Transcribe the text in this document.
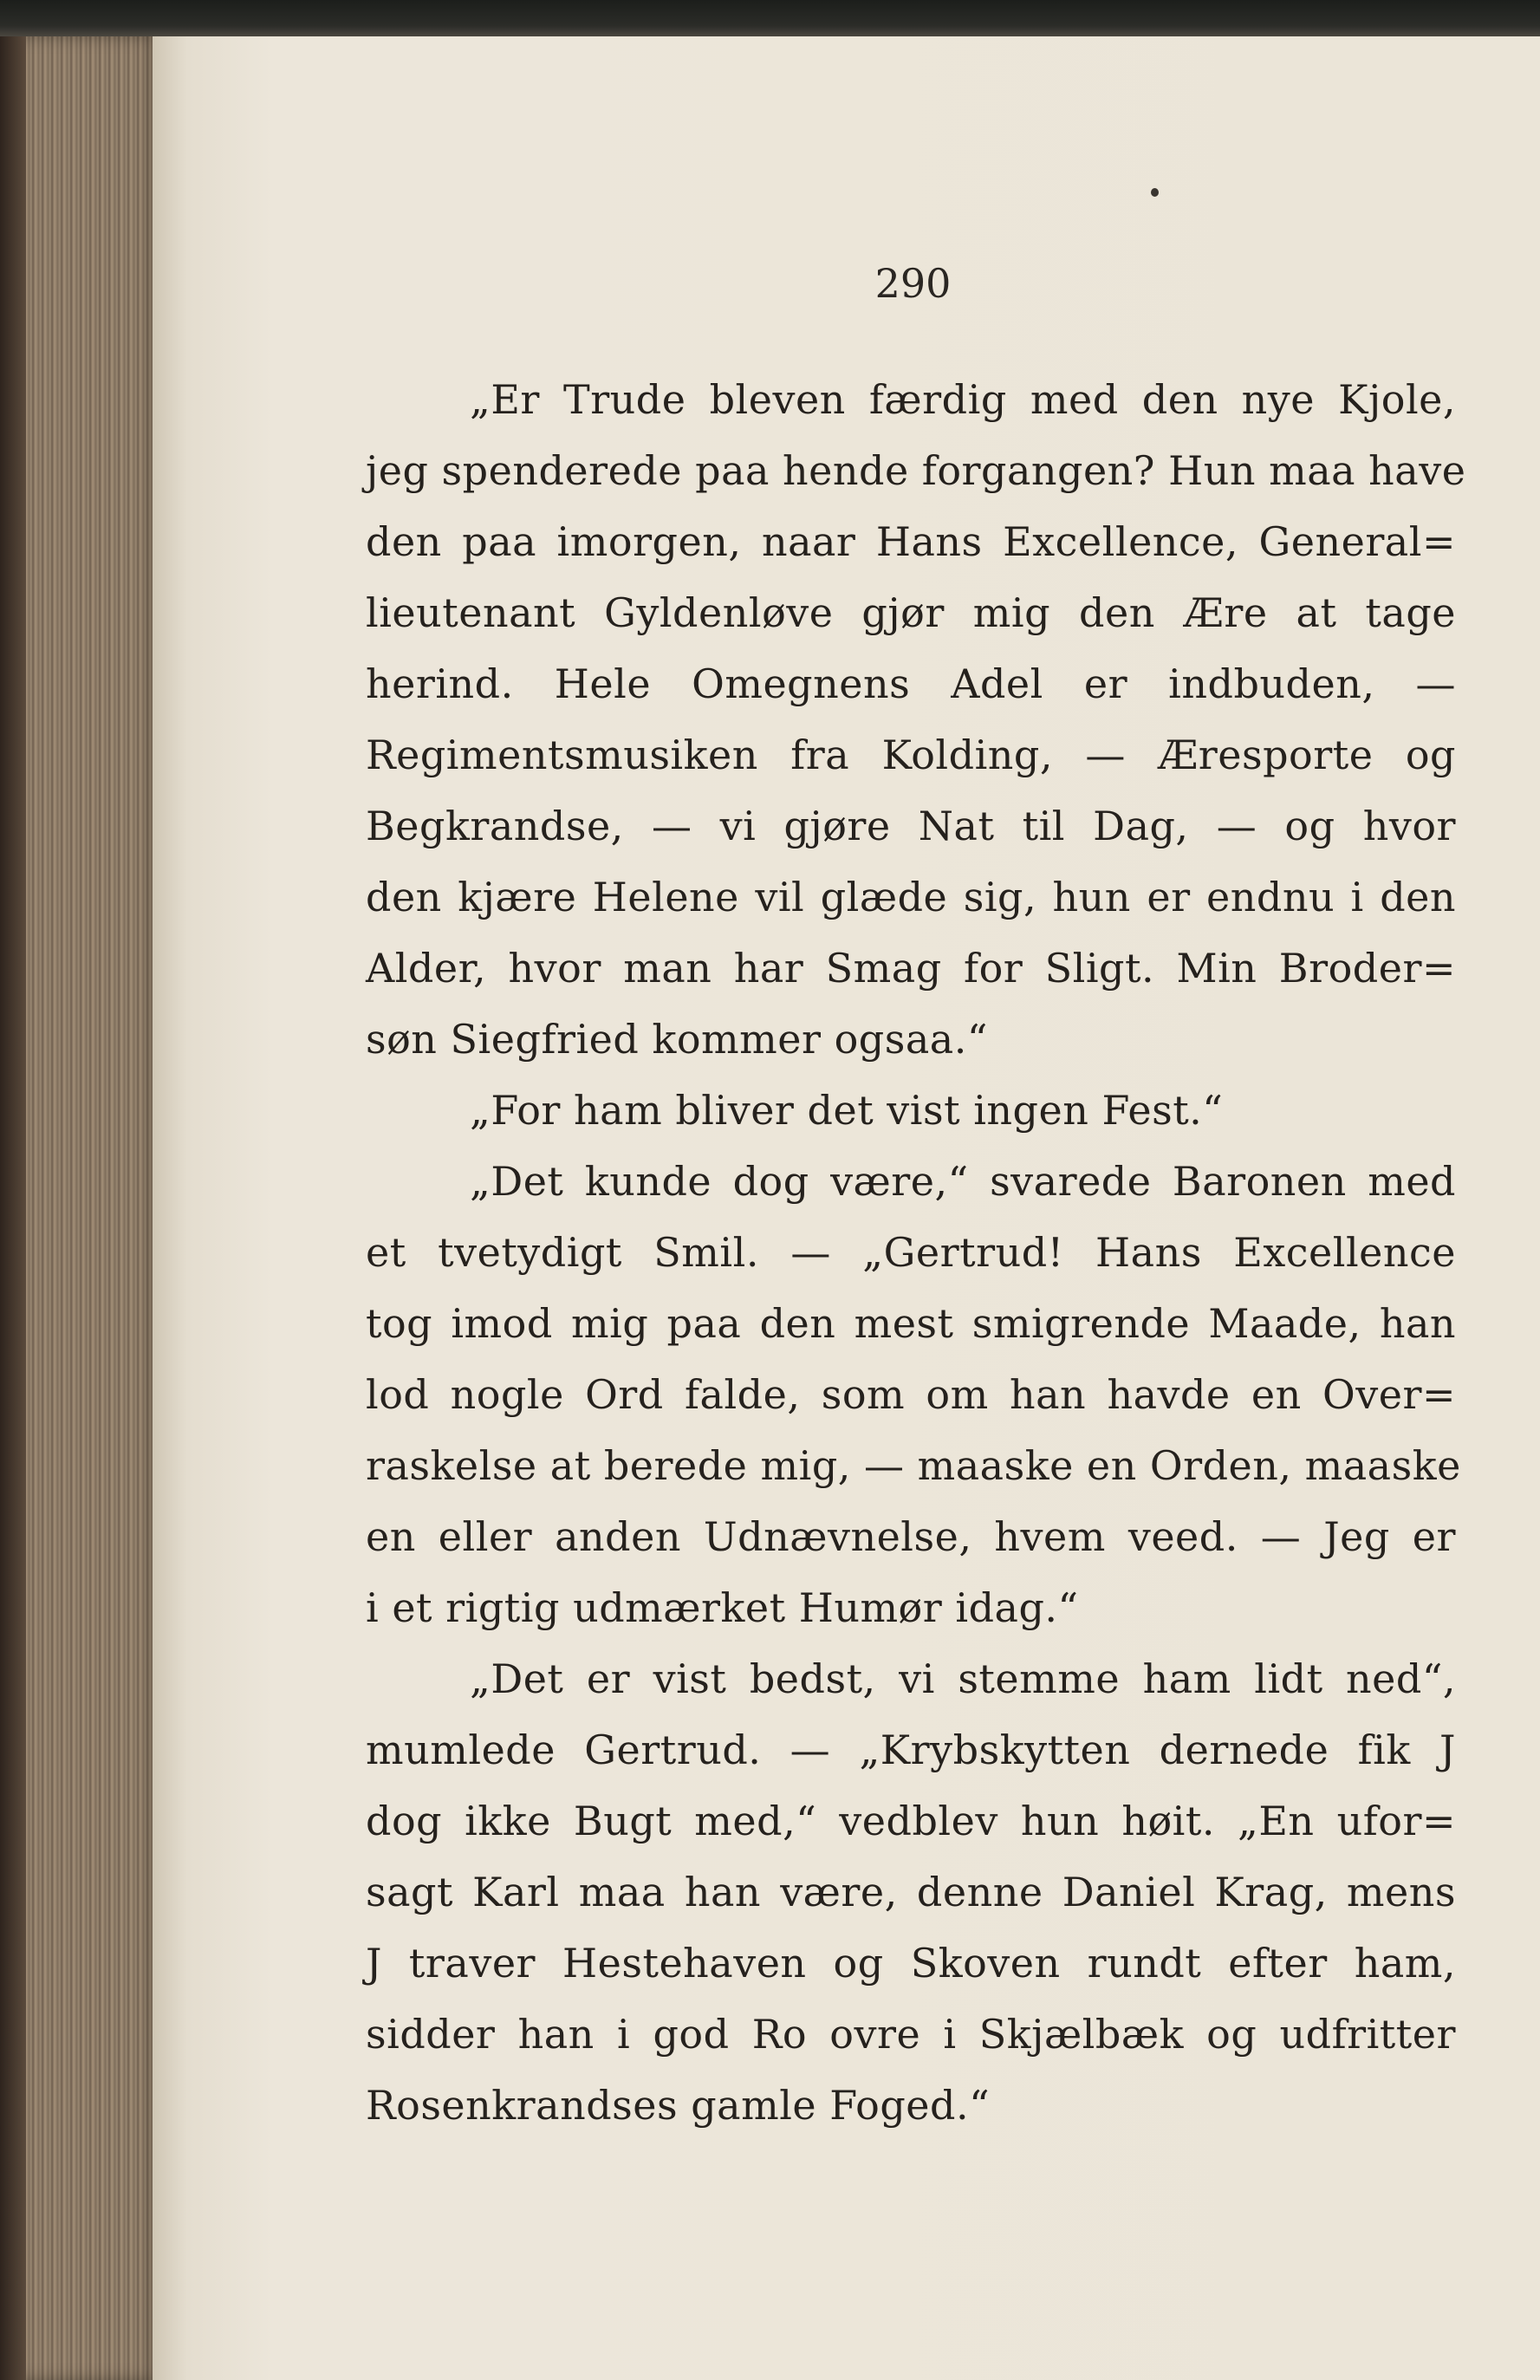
290
„Er Trude bleven færdig med den nye Kjole,
jeg spenderede paa hende forgangen? Hun maa have
den paa imorgen, naar Hans Excellence, General=
lieutenant Gyldenløve gjør mig den Ære at tage
herind. Hele Omegnens Adel er indbuden, —
Regimentsmusiken fra Kolding, — Æresporte og
Begkrandse, — vi gjøre Nat til Dag, — og hvor
den kjære Helene vil glæde sig, hun er endnu i den
Alder, hvor man har Smag for Sligt. Min Broder=
søn Siegfried kommer ogsaa.“
„For ham bliver det vist ingen Fest.“
„Det kunde dog være,“ svarede Baronen med
et tvetydigt Smil. — „Gertrud! Hans Excellence
tog imod mig paa den mest smigrende Maade, han
lod nogle Ord falde, som om han havde en Over=
raskelse at berede mig, — maaske en Orden, maaske
en eller anden Udnævnelse, hvem veed. — Jeg er
i et rigtig udmærket Humør idag.“
„Det er vist bedst, vi stemme ham lidt ned“,
mumlede Gertrud. — „Krybskytten dernede fik J
dog ikke Bugt med,“ vedblev hun høit. „En ufor=
sagt Karl maa han være, denne Daniel Krag, mens
J traver Hestehaven og Skoven rundt efter ham,
sidder han i god Ro ovre i Skjælbæk og udfritter
Rosenkrandses gamle Foged.“
